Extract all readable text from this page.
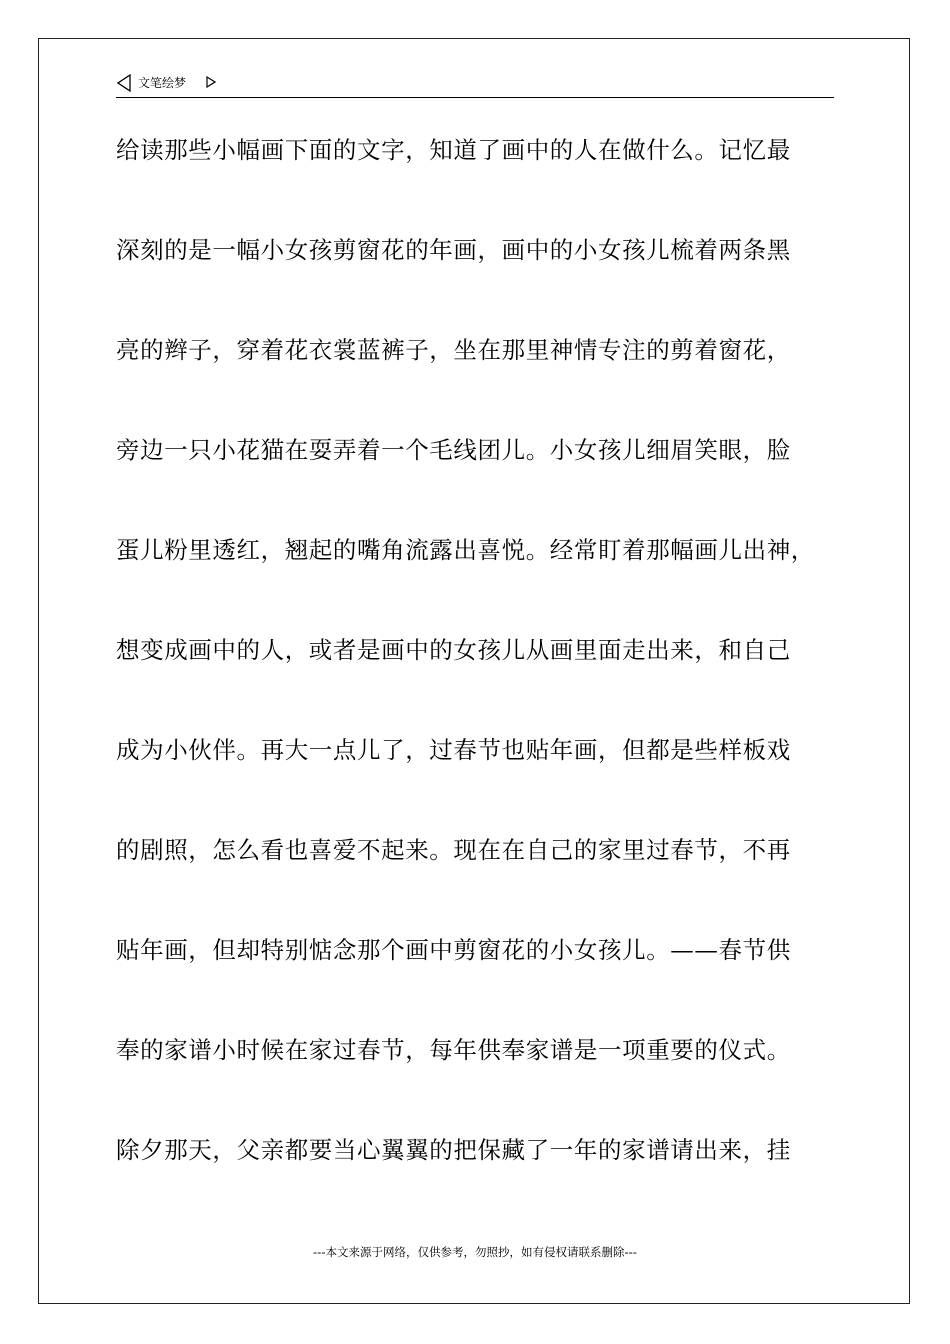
文笔绘梦
给读那些小幅画下面的文字，知道了画中的人在做什么。记忆最
深刻的是一幅小女孩剪窗花的年画，画中的小女孩儿梳着两条黑
亮的辫子，穿着花衣裳蓝裤子，坐在那里神情专注的剪着窗花，
旁边一只小花猫在耍弄着一个毛线团儿。小女孩儿细眉笑眼，脸
蛋儿粉里透红，翘起的嘴角流露出喜悦。经常盯着那幅画儿出神，
想变成画中的人，或者是画中的女孩儿从画里面走出来，和自己
成为小伙伴。再大一点儿了，过春节也贴年画，但都是些样板戏
的剧照，怎么看也喜爱不起来。现在在自己的家里过春节，不再
贴年画，但却特别惦念那个画中剪窗花的小女孩儿。——春节供
奉的家谱小时候在家过春节，每年供奉家谱是一项重要的仪式。
除夕那天，父亲都要当心翼翼的把保藏了一年的家谱请出来，挂
---本文来源于网络，仅供参考，勿照抄，如有侵权请联系删除---
